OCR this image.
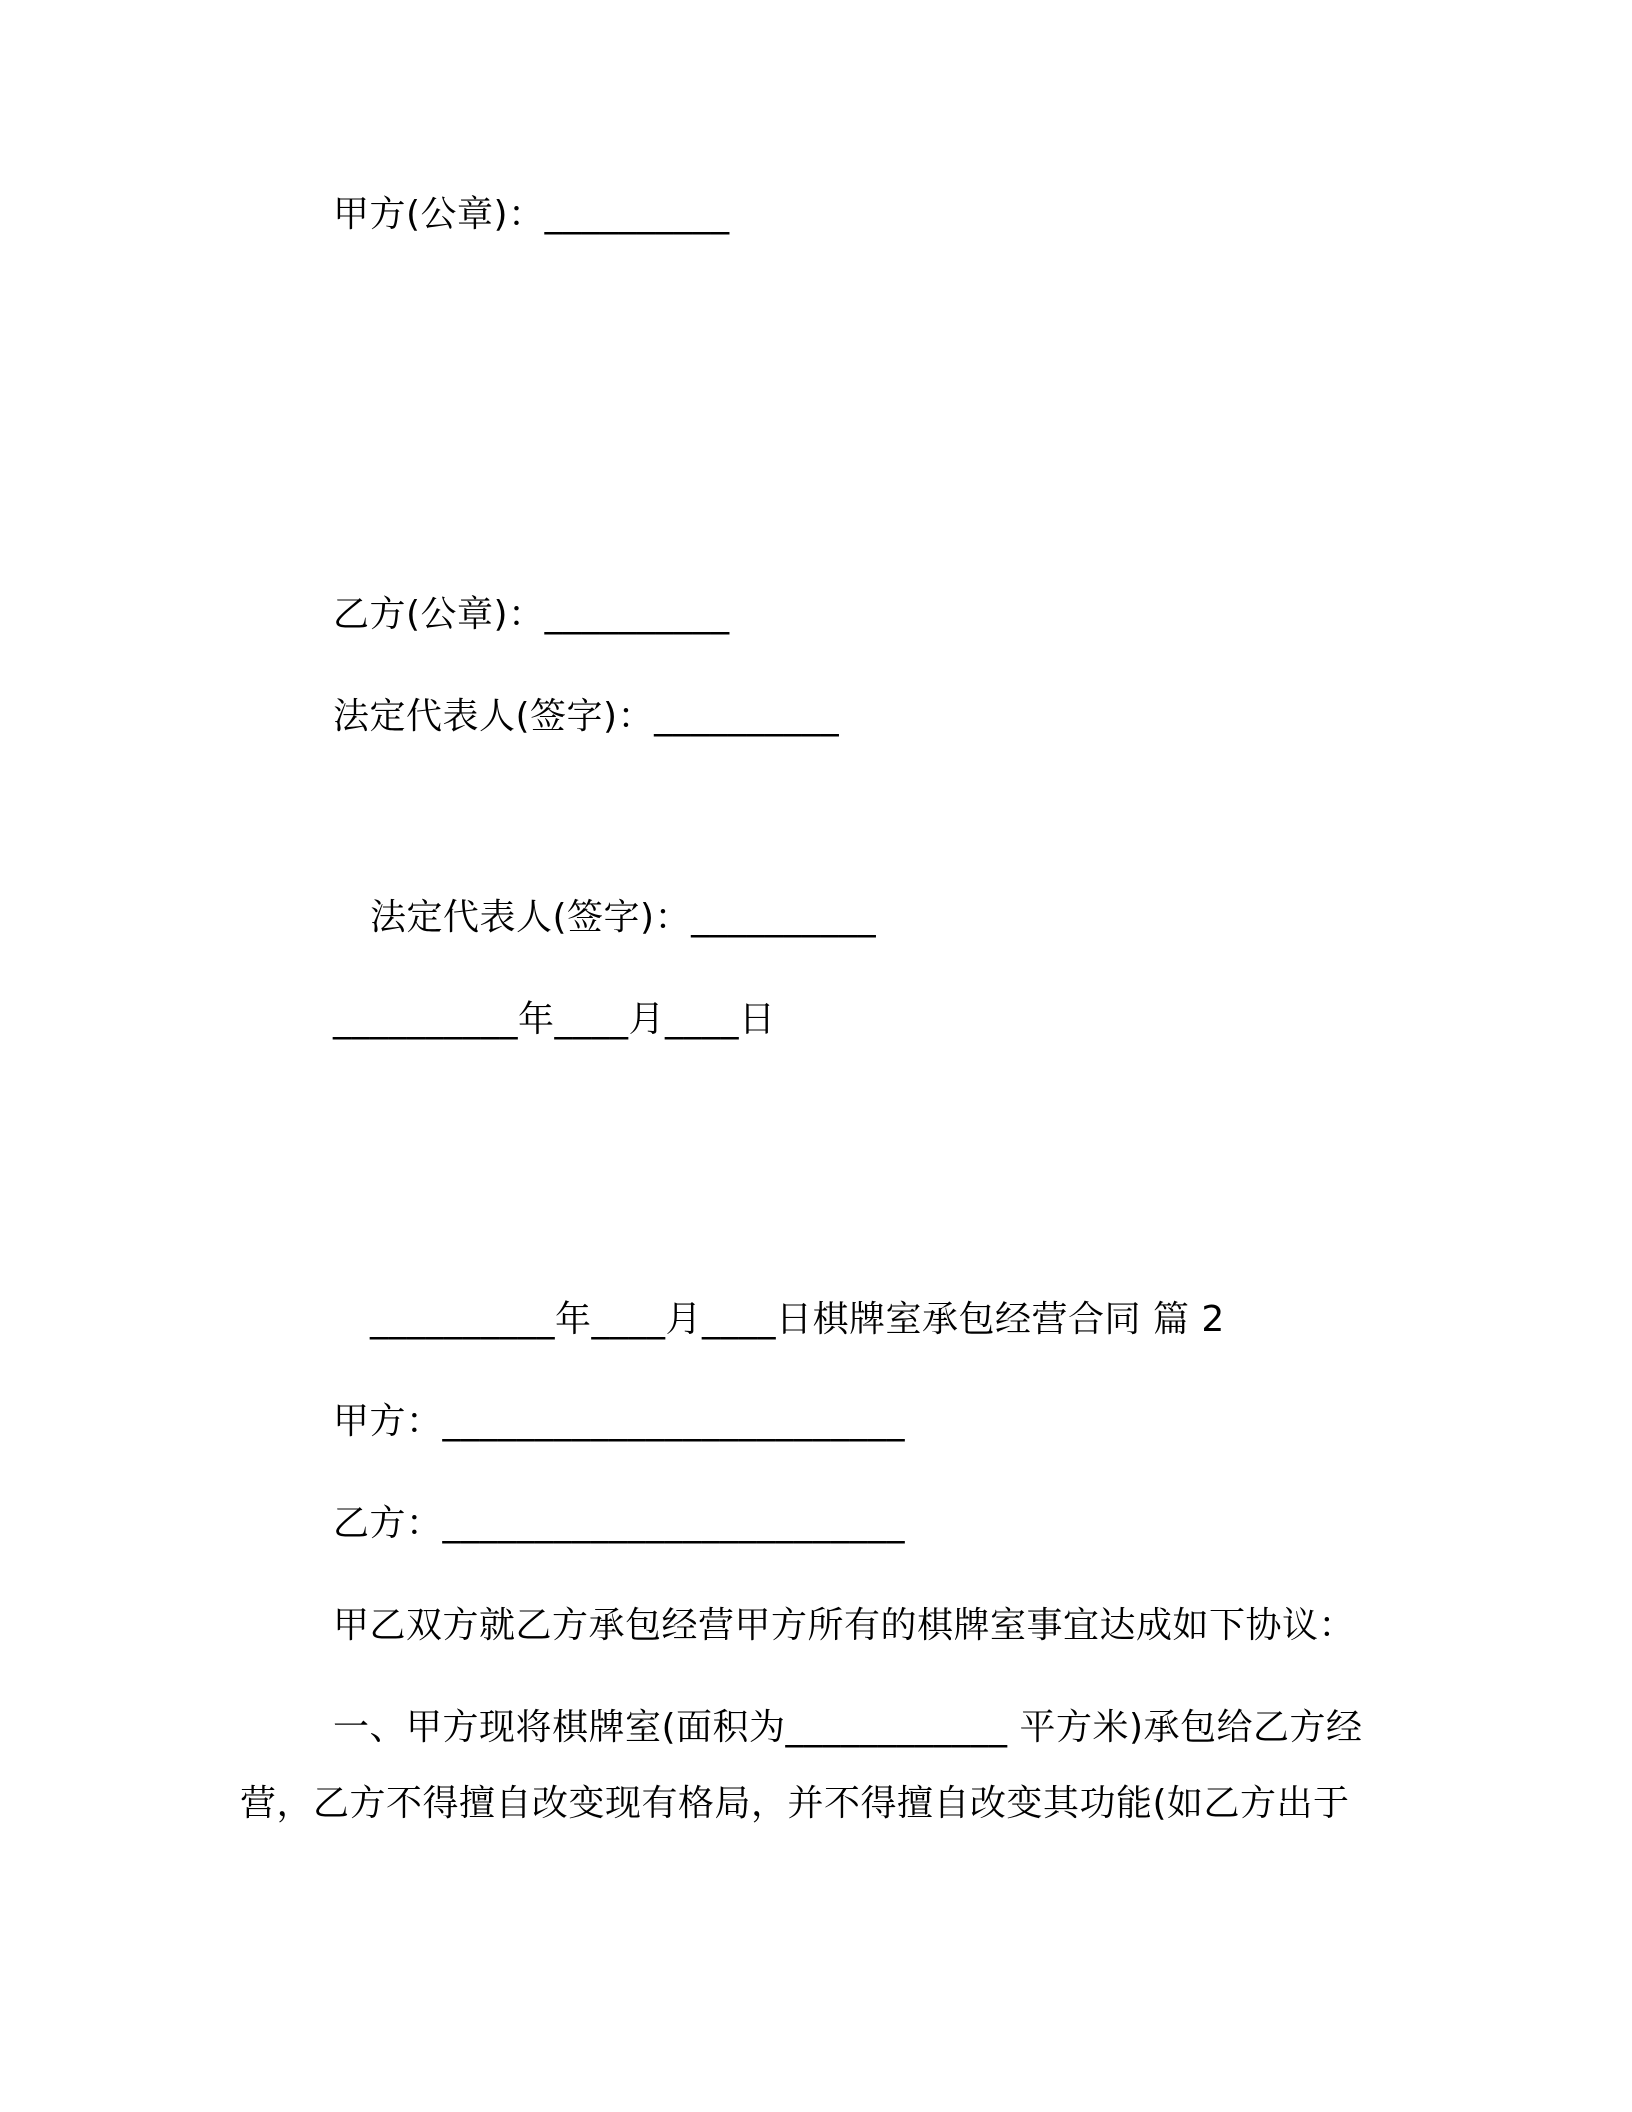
甲方(公章)：__________
乙方(公章)：__________
法定代表人(签字)：__________
法定代表人(签字)：__________
__________年____月____日
__________年____月____日棋牌室承包经营合同 篇 2
甲方：_________________________
乙方：_________________________
甲乙双方就乙方承包经营甲方所有的棋牌室事宜达成如下协议：
一、甲方现将棋牌室(面积为____________ 平方米)承包给乙方经
营，乙方不得擅自改变现有格局，并不得擅自改变其功能(如乙方出于
